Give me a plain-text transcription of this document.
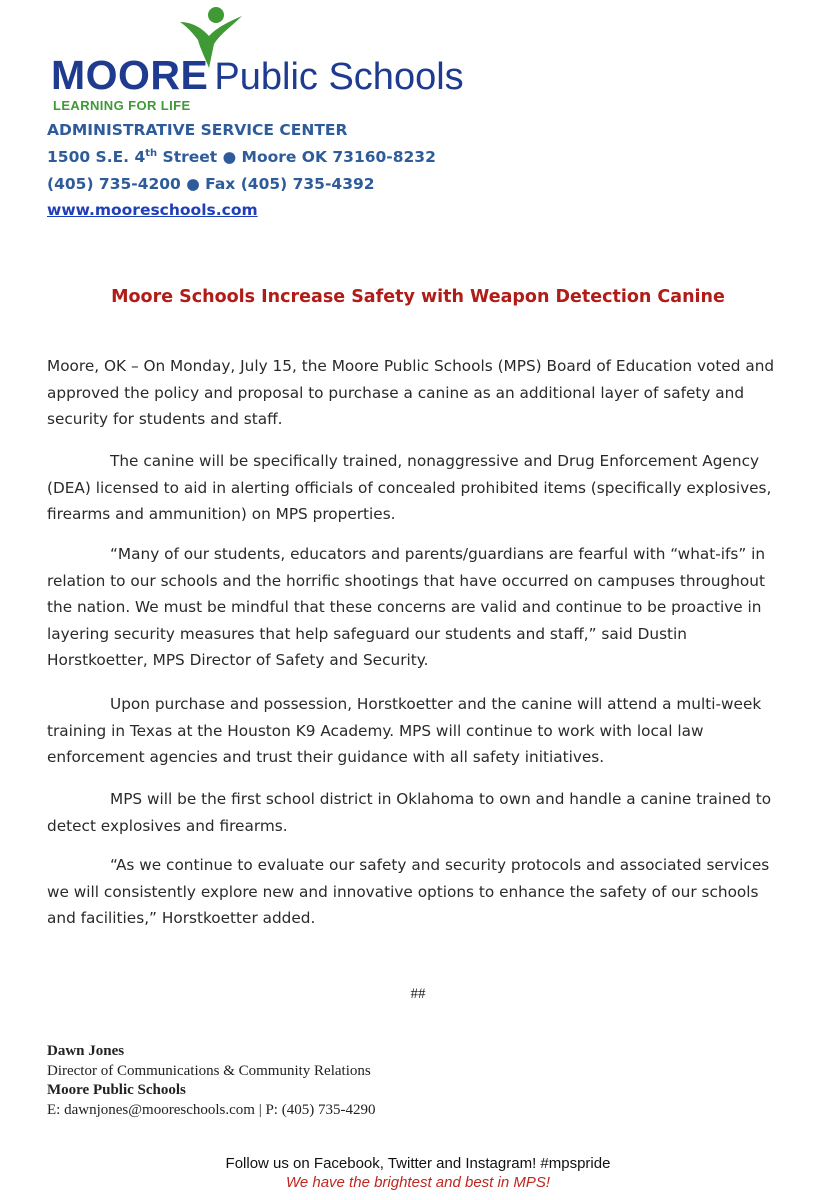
MOORE Public Schools
LEARNING FOR LIFE
ADMINISTRATIVE SERVICE CENTER
1500 S.E. 4th Street ● Moore OK 73160-8232
(405) 735-4200 ● Fax (405) 735-4392
www.mooreschools.com
Moore Schools Increase Safety with Weapon Detection Canine

Moore, OK – On Monday, July 15, the Moore Public Schools (MPS) Board of Education voted and approved the policy and proposal to purchase a canine as an additional layer of safety and security for students and staff.

The canine will be specifically trained, nonaggressive and Drug Enforcement Agency (DEA) licensed to aid in alerting officials of concealed prohibited items (specifically explosives, firearms and ammunition) on MPS properties.

“Many of our students, educators and parents/guardians are fearful with “what-ifs” in relation to our schools and the horrific shootings that have occurred on campuses throughout the nation. We must be mindful that these concerns are valid and continue to be proactive in layering security measures that help safeguard our students and staff,” said Dustin Horstkoetter, MPS Director of Safety and Security.

Upon purchase and possession, Horstkoetter and the canine will attend a multi-week training in Texas at the Houston K9 Academy. MPS will continue to work with local law enforcement agencies and trust their guidance with all safety initiatives.

MPS will be the first school district in Oklahoma to own and handle a canine trained to detect explosives and firearms.

“As we continue to evaluate our safety and security protocols and associated services we will consistently explore new and innovative options to enhance the safety of our schools and facilities,” Horstkoetter added.

##
Dawn Jones
Director of Communications & Community Relations
Moore Public Schools
E: dawnjones@mooreschools.com | P: (405) 735-4290
Follow us on Facebook, Twitter and Instagram! #mpspride
We have the brightest and best in MPS!
